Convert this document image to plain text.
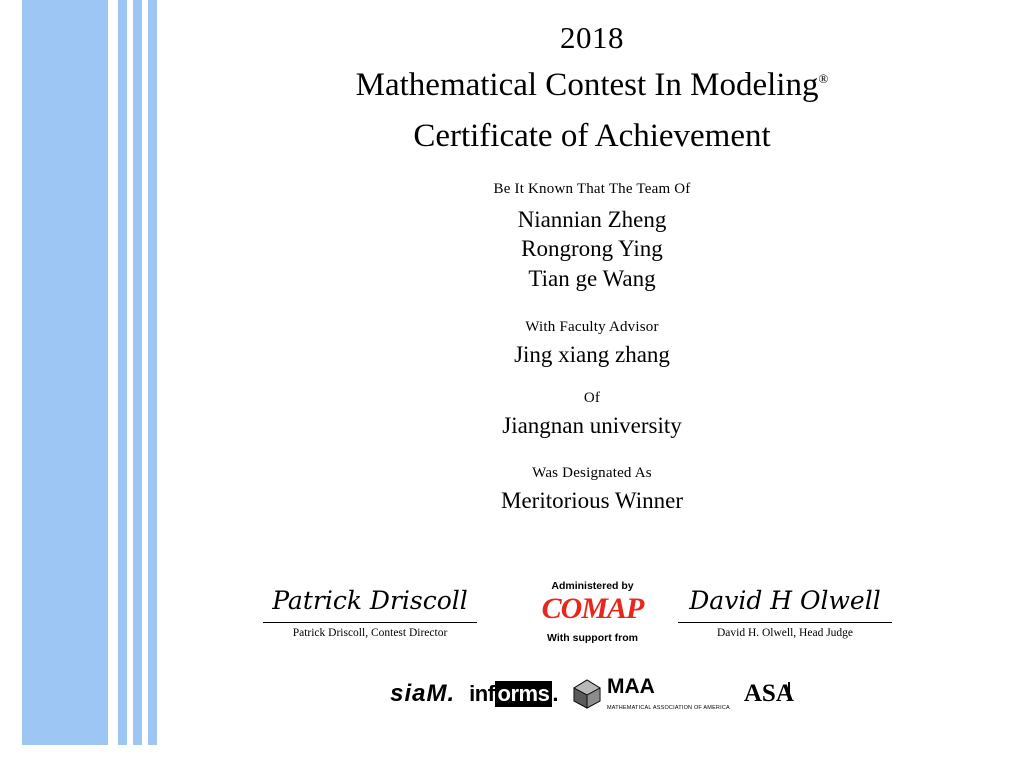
2018
Mathematical Contest In Modeling®
Certificate of Achievement
Be It Known That The Team Of
Niannian Zheng
Rongrong Ying
Tian ge Wang
With Faculty Advisor
Jing xiang zhang
Of
Jiangnan university
Was Designated As
Meritorious Winner
Patrick Driscoll
Patrick Driscoll, Contest Director
Administered by
COMAP
With support from
David H Olwell
David H. Olwell, Head Judge
siaM. inf orms . MAA
MATHEMATICAL ASSOCIATION OF AMERICA
ASA
